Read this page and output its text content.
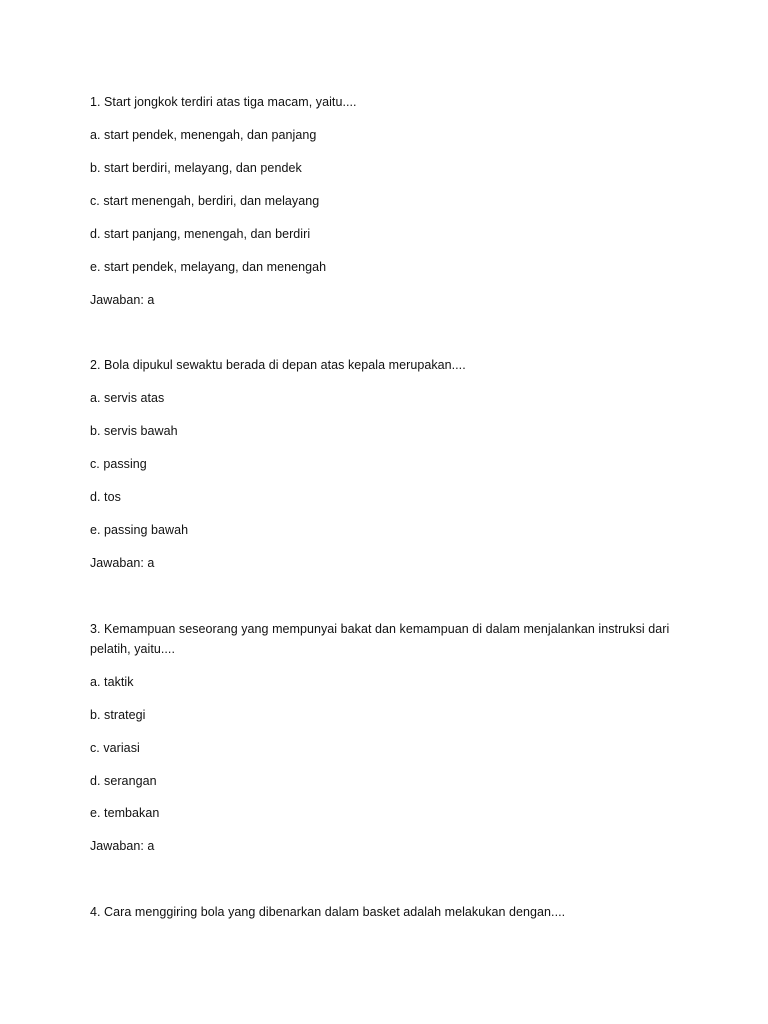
1. Start jongkok terdiri atas tiga macam, yaitu....
a. start pendek, menengah, dan panjang
b. start berdiri, melayang, dan pendek
c. start menengah, berdiri, dan melayang
d. start panjang, menengah, dan berdiri
e. start pendek, melayang, dan menengah
Jawaban: a
2. Bola dipukul sewaktu berada di depan atas kepala merupakan....
a. servis atas
b. servis bawah
c. passing
d. tos
e. passing bawah
Jawaban: a
3. Kemampuan seseorang yang mempunyai bakat dan kemampuan di dalam menjalankan instruksi dari
pelatih, yaitu....
a. taktik
b. strategi
c. variasi
d. serangan
e. tembakan
Jawaban: a
4. Cara menggiring bola yang dibenarkan dalam basket adalah melakukan dengan....
